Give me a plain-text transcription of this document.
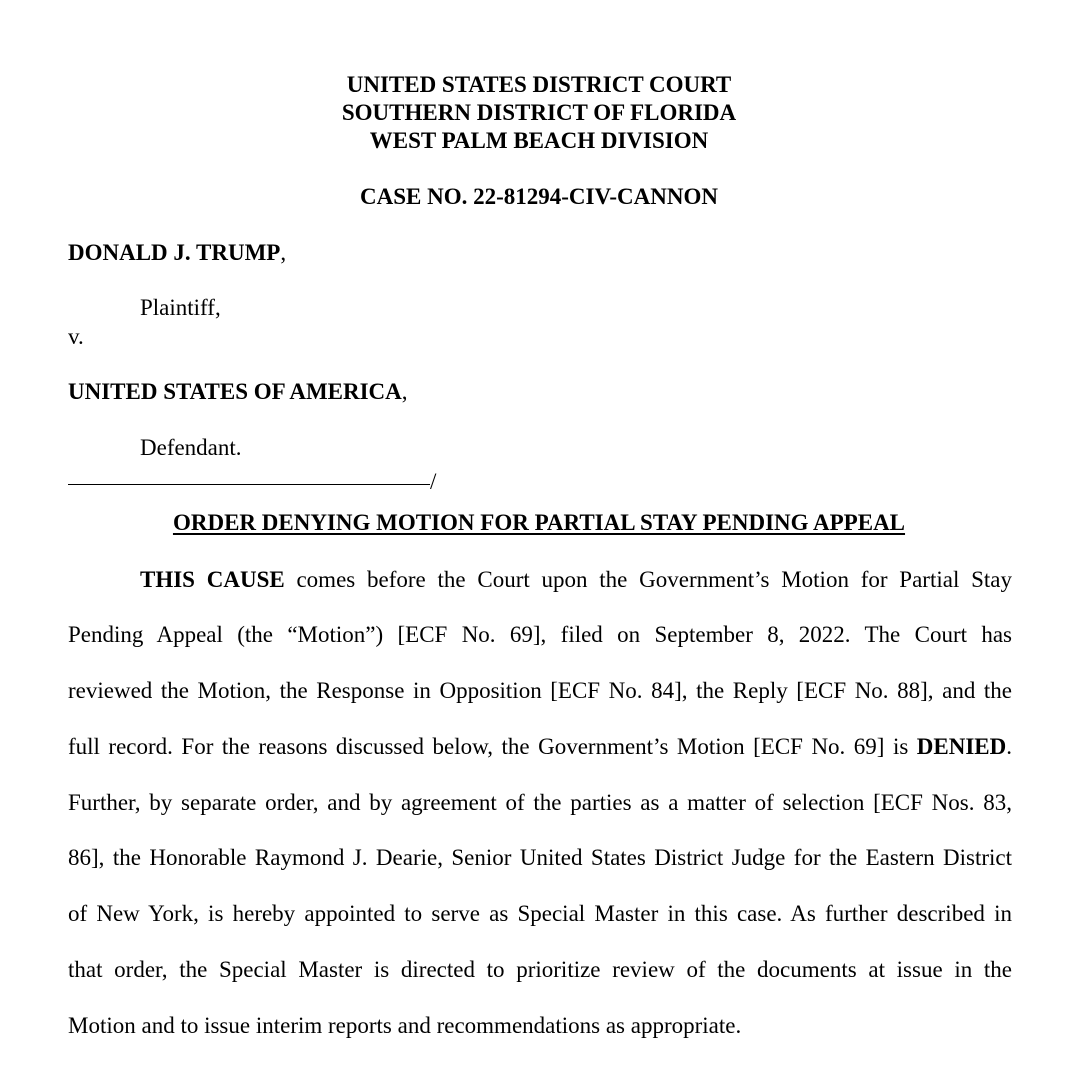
UNITED STATES DISTRICT COURT

SOUTHERN DISTRICT OF FLORIDA

WEST PALM BEACH DIVISION

CASE NO. 22-81294-CIV-CANNON

DONALD J. TRUMP,

Plaintiff,

v.

UNITED STATES OF AMERICA,

Defendant.

/

ORDER DENYING MOTION FOR PARTIAL STAY PENDING APPEAL

THIS CAUSE comes before the Court upon the Government’s Motion for Partial Stay

Pending Appeal (the “Motion”) [ECF No. 69], filed on September 8, 2022. The Court has

reviewed the Motion, the Response in Opposition [ECF No. 84], the Reply [ECF No. 88], and the

full record. For the reasons discussed below, the Government’s Motion [ECF No. 69] is DENIED.

Further, by separate order, and by agreement of the parties as a matter of selection [ECF Nos. 83,

86], the Honorable Raymond J. Dearie, Senior United States District Judge for the Eastern District

of New York, is hereby appointed to serve as Special Master in this case. As further described in

that order, the Special Master is directed to prioritize review of the documents at issue in the

Motion and to issue interim reports and recommendations as appropriate.
